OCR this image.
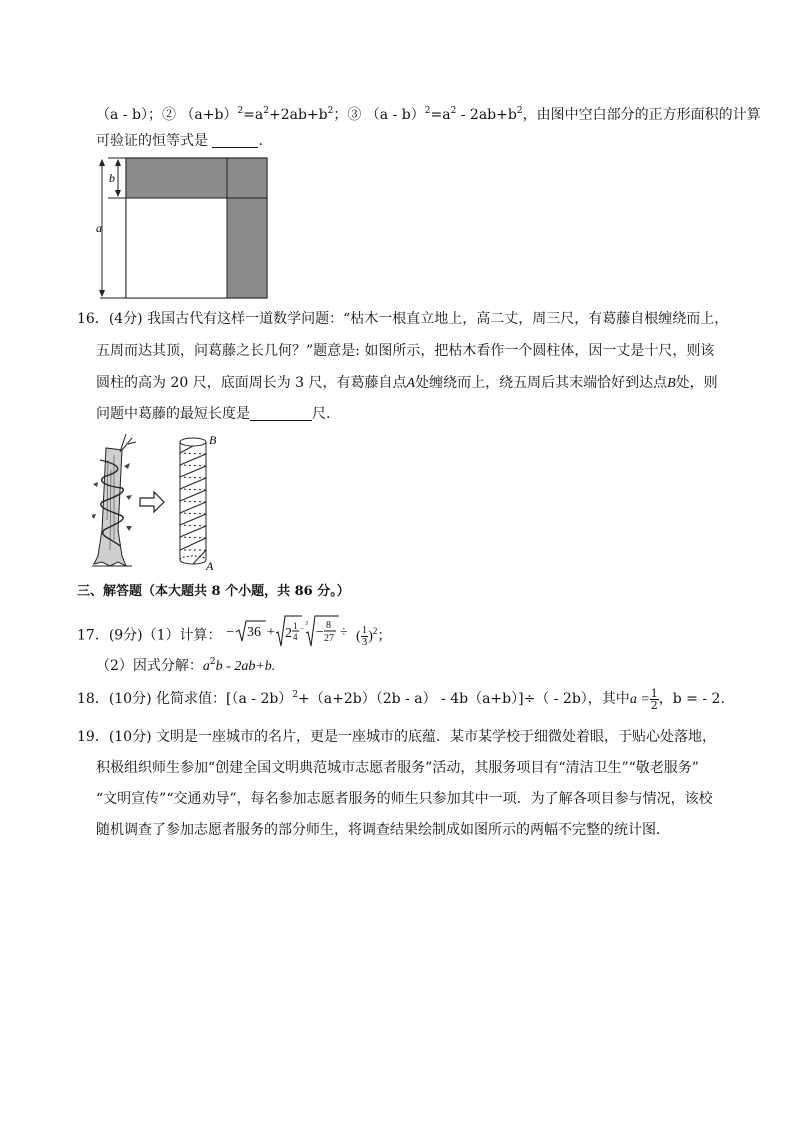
（a - b）；② $(a+b)^2=a^2+2ab+b^2$；③ $(a - b)^2=a^2 - 2ab+b^2$，由图中空白部分的正方形面积的计算
可验证的恒等式是	.
b
a
16．(4分) 我国古代有这样一道数学问题：“枯木一根直立地上，高二丈，周三尺，有葛藤自根缠绕而上，
五周而达其顶，问葛藤之长几何？”题意是: 如图所示，把枯木看作一个圆柱体，因一丈是十尺，则该
圆柱的高为 20 尺，底面周长为 3 尺，有葛藤自点A处缠绕而上，绕五周后其末端恰好到达点B处，则
问题中葛藤的最短长度是	尺.
B
A
三、解答题（本大题共 8 个小题，共 86 分。）
17．(9分)（1）计算： − 36 + 2 1
4
−
3
− 8
27 ÷ ( $\frac{1}{3} )^2$；
（2）因式分解：$a^2b - 2ab+b$.
18．(10分) 化简求值：[（a - 2b）$^2$+（a+2b）（2b - a） - 4b（a+b）]÷（ - 2b），其中$a = \frac{1}{2}$ ，b = - 2.
19．(10分) 文明是一座城市的名片，更是一座城市的底蕴．某市某学校于细微处着眼，于贴心处落地，
积极组织师生参加“创建全国文明典范城市志愿者服务”活动，其服务项目有“清洁卫生”“敬老服务”
“文明宣传”“交通劝导”，每名参加志愿者服务的师生只参加其中一项．为了解各项目参与情况，该校
随机调查了参加志愿者服务的部分师生，将调查结果绘制成如图所示的两幅不完整的统计图．
